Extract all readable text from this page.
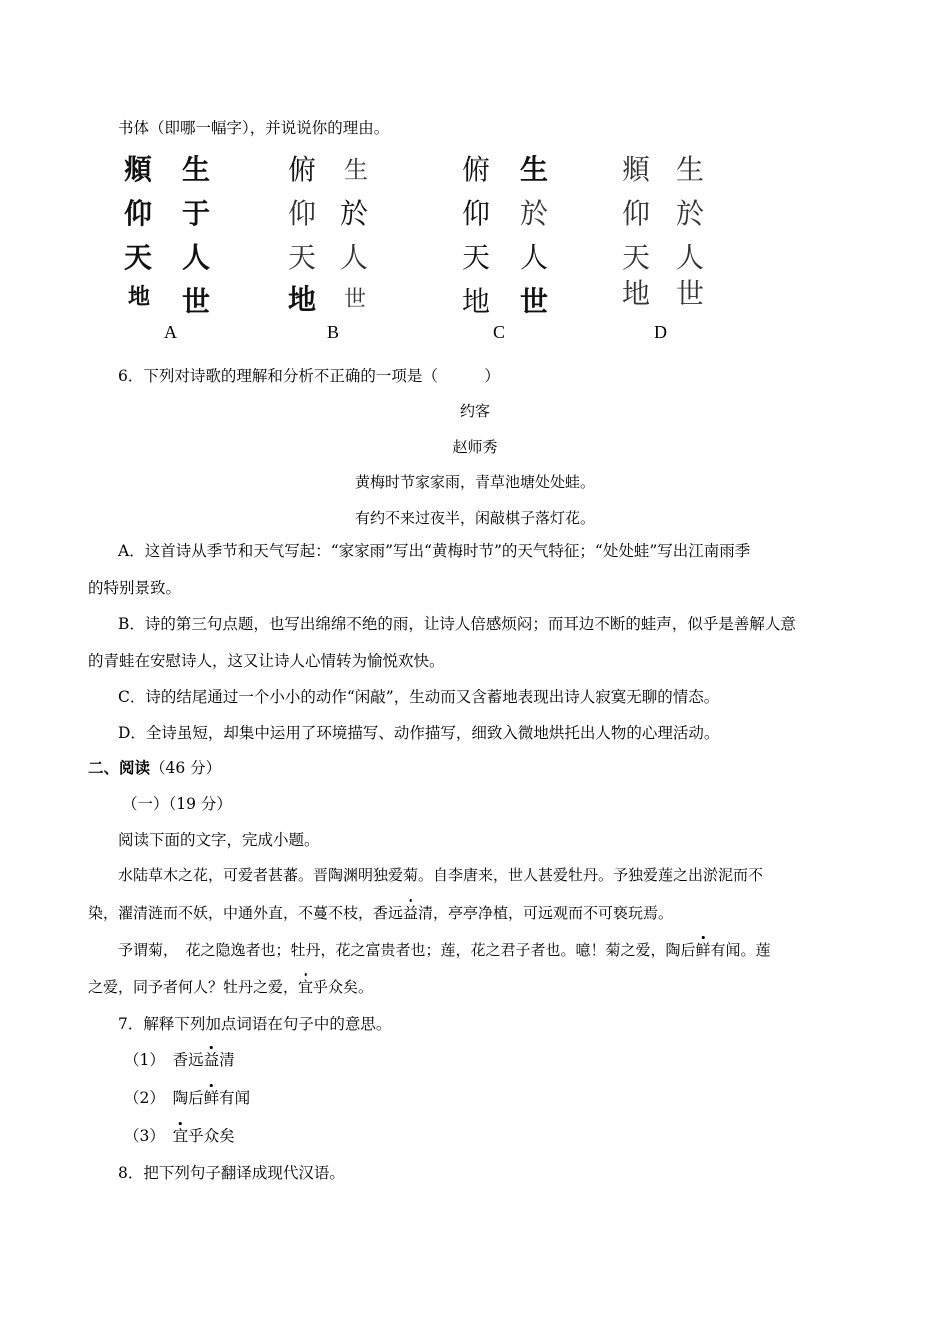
书体（即哪一幅字），并说说你的理由。
頫
仰
天
地
生
于
人
世
A
俯
仰
天
地
生
於
人
世
B
俯
仰
天
地
生
於
人
世
C
頫
仰
天
地
生
於
人
世
D
6．下列对诗歌的理解和分析不正确的一项是（　　　）
约客
赵师秀
黄梅时节家家雨，青草池塘处处蛙。
有约不来过夜半，闲敲棋子落灯花。
A．这首诗从季节和天气写起：“家家雨”写出“黄梅时节”的天气特征；“处处蛙”写出江南雨季
的特别景致。
B．诗的第三句点题，也写出绵绵不绝的雨，让诗人倍感烦闷；而耳边不断的蛙声，似乎是善解人意
的青蛙在安慰诗人，这又让诗人心情转为愉悦欢快。
C．诗的结尾通过一个小小的动作“闲敲”，生动而又含蓄地表现出诗人寂寞无聊的情态。
D．全诗虽短，却集中运用了环境描写、动作描写，细致入微地烘托出人物的心理活动。
二、阅读（46 分）
（一）（19 分）
阅读下面的文字，完成小题。
水陆草木之花，可爱者甚蕃。晋陶渊明独爱菊。自李唐来，世人甚爱牡丹。予独爱莲之出淤泥而不
染，濯清涟而不妖，中通外直，不蔓不枝，香远益清，亭亭净植，可远观而不可亵玩焉。
予谓菊，　花之隐逸者也；牡丹，花之富贵者也；莲，花之君子者也。噫！菊之爱，陶后鲜有闻。莲
之爱，同予者何人？牡丹之爱，宜乎众矣。
7．解释下列加点词语在句子中的意思。
（1）　 香远益清
（2）　 陶后鲜有闻
（3）　 宜乎众矣
8．把下列句子翻译成现代汉语。
